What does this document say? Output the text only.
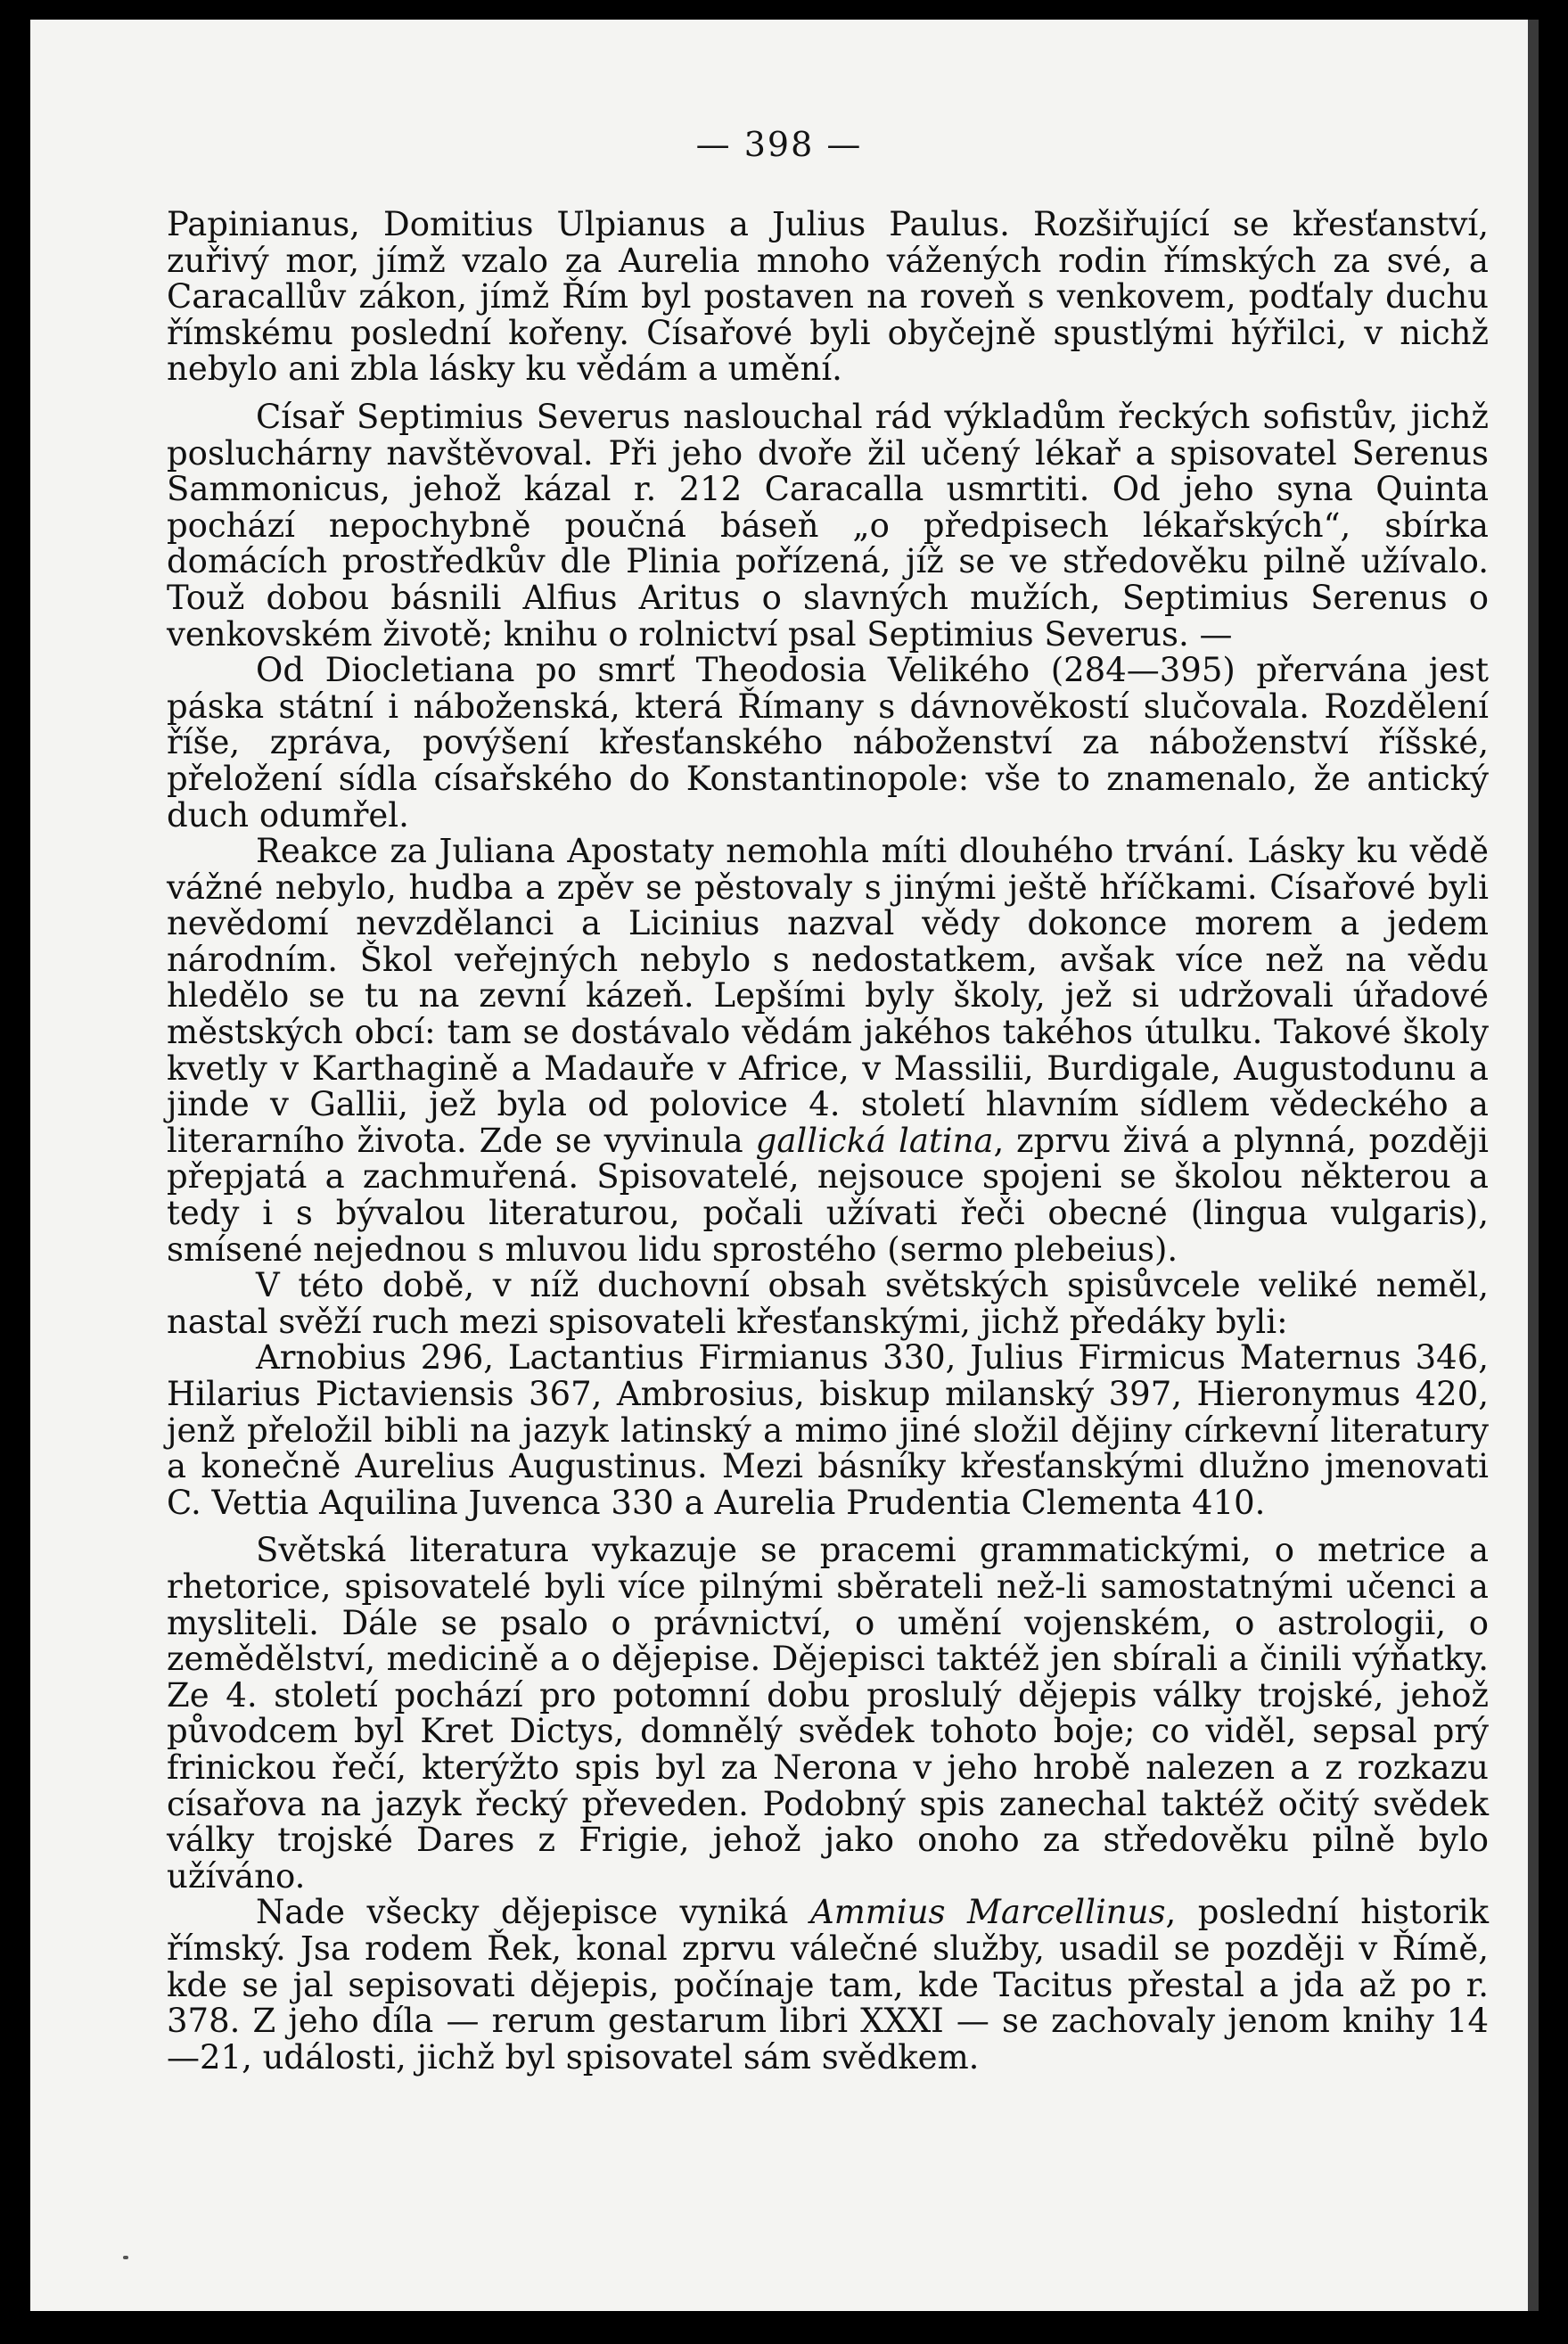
— 398 —

Papinianus, Domitius Ulpianus a Julius Paulus. Rozšiřující se křesťanství, zuřivý mor, jímž vzalo za Aurelia mnoho vážených rodin římských za své, a Caracallův zákon, jímž Řím byl postaven na roveň s venkovem, podťaly duchu římskému poslední kořeny. Císařové byli obyčejně spustlými hýřilci, v nichž nebylo ani zbla lásky ku vědám a umění.

Císař Septimius Severus naslouchal rád výkladům řeckých sofistův, jichž posluchárny navštěvoval. Při jeho dvoře žil učený lékař a spisovatel Serenus Sammonicus, jehož kázal r. 212 Caracalla usmrtiti. Od jeho syna Quinta pochází nepochybně poučná báseň „o předpisech lékařských“, sbírka domácích prostředkův dle Plinia pořízená, jíž se ve středověku pilně užívalo. Touž dobou básnili Alfius Aritus o slavných mužích, Septimius Serenus o venkovském životě; knihu o rolnictví psal Septimius Severus. —

Od Diocletiana po smrť Theodosia Velikého (284—395) přervána jest páska státní i náboženská, která Římany s dávnověkostí slučovala. Rozdělení říše, zpráva, povýšení křesťanského náboženství za náboženství říšské, přeložení sídla císařského do Konstantinopole: vše to znamenalo, že antický duch odumřel.

Reakce za Juliana Apostaty nemohla míti dlouhého trvání. Lásky ku vědě vážné nebylo, hudba a zpěv se pěstovaly s jinými ještě hříčkami. Císařové byli nevědomí nevzdělanci a Licinius nazval vědy dokonce morem a jedem národním. Škol veřejných nebylo s nedostatkem, avšak více než na vědu hledělo se tu na zevní kázeň. Lepšími byly školy, jež si udržovali úřadové městských obcí: tam se dostávalo vědám jakéhos takéhos útulku. Takové školy kvetly v Karthagině a Madauře v Africe, v Massilii, Burdigale, Augustodunu a jinde v Gallii, jež byla od polovice 4. století hlavním sídlem vědeckého a literarního života. Zde se vyvinula gallická latina, zprvu živá a plynná, později přepjatá a zachmuřená. Spisovatelé, nejsouce spojeni se školou některou a tedy i s bývalou literaturou, počali užívati řeči obecné (lingua vulgaris), smísené nejednou s mluvou lidu sprostého (sermo plebeius).

V této době, v níž duchovní obsah světských spisůvcele veliké neměl, nastal svěží ruch mezi spisovateli křesťanskými, jichž předáky byli:

Arnobius 296, Lactantius Firmianus 330, Julius Firmicus Maternus 346, Hilarius Pictaviensis 367, Ambrosius, biskup milanský 397, Hieronymus 420, jenž přeložil bibli na jazyk latinský a mimo jiné složil dějiny církevní literatury a konečně Aurelius Augustinus. Mezi básníky křesťanskými dlužno jmenovati C. Vettia Aquilina Juvenca 330 a Aurelia Prudentia Clementa 410.

Světská literatura vykazuje se pracemi grammatickými, o metrice a rhetorice, spisovatelé byli více pilnými sběrateli než-li samostatnými učenci a mysliteli. Dále se psalo o právnictví, o umění vojenském, o astrologii, o zemědělství, medicině a o dějepise. Dějepisci taktéž jen sbírali a činili výňatky. Ze 4. století pochází pro potomní dobu proslulý dějepis války trojské, jehož původcem byl Kret Dictys, domnělý svědek tohoto boje; co viděl, sepsal prý frinickou řečí, kterýžto spis byl za Nerona v jeho hrobě nalezen a z rozkazu císařova na jazyk řecký převeden. Podobný spis zanechal taktéž očitý svědek války trojské Dares z Frigie, jehož jako onoho za středověku pilně bylo užíváno.

Nade všecky dějepisce vyniká Ammius Marcellinus, poslední historik římský. Jsa rodem Řek, konal zprvu válečné služby, usadil se později v Římě, kde se jal sepisovati dějepis, počínaje tam, kde Tacitus přestal a jda až po r. 378. Z jeho díla — rerum gestarum libri XXXI — se zachovaly jenom knihy 14—21, události, jichž byl spisovatel sám svědkem.
